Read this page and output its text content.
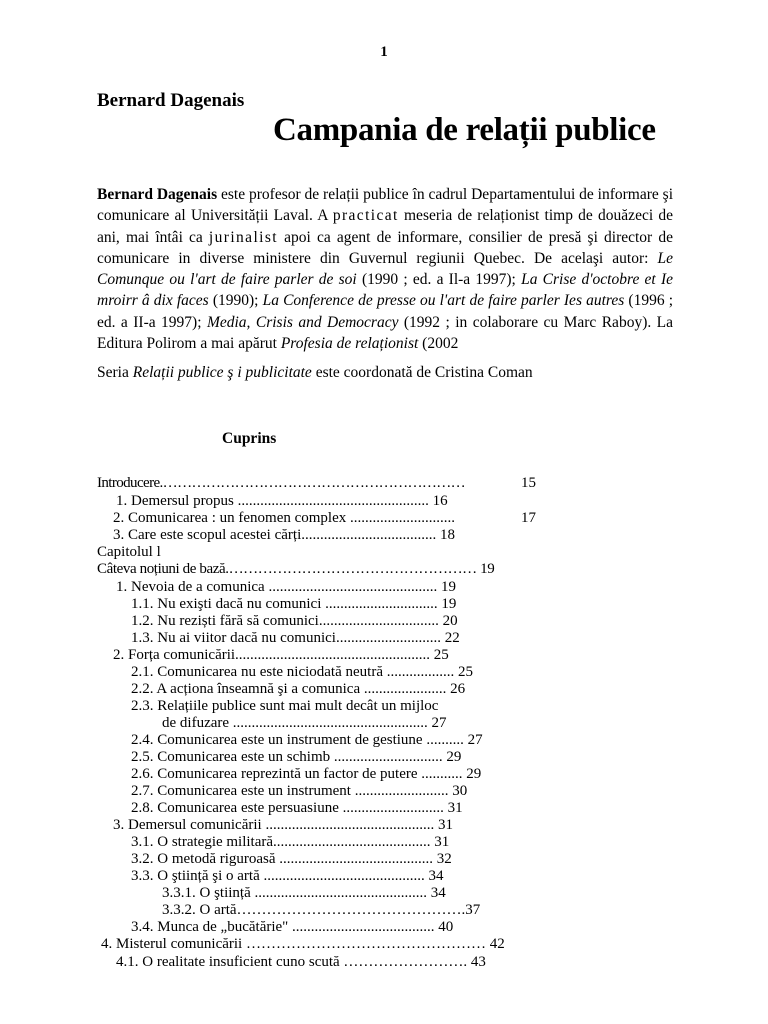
1
Bernard Dagenais
Campania de relații publice
Bernard Dagenais este profesor de relații publice în cadrul Departamentului de informare şi comunicare al Universității Laval. A practicat meseria de relaționist timp de douăzeci de ani, mai întâi ca jurinalist apoi ca agent de informare, consilier de presă şi director de comunicare in diverse ministere din Guvernul regiunii Quebec. De acelaşi autor: Le Comunque ou l'art de faire parler de soi (1990 ; ed. a Il-a 1997); La Crise d'octobre et Ie mroirr â dix faces (1990); La Conference de presse ou l'art de faire parler Ies autres (1996 ; ed. a II-a 1997); Media, Crisis and Democracy (1992 ; in colaborare cu Marc Raboy). La Editura Polirom a mai apărut Profesia de relaționist (2002
Seria Relații publice ş i publicitate este coordonată de Cristina Coman
Cuprins
Introducere.………………………………………………………	15
1. Demersul propus ................................................... 16
2. Comunicarea : un fenomen complex ............................	17
3. Care este scopul acestei cărți.................................... 18
Capitolul l
Câteva noțiuni de bază.…………………………………………… 19
1. Nevoia de a comunica ............................................. 19
1.1. Nu exişti dacă nu comunici .............................. 19
1.2. Nu reziști fără să comunici................................ 20
1.3. Nu ai viitor dacă nu comunici............................ 22
2. Forța comunicării.................................................... 25
2.1. Comunicarea nu este niciodată neutră .................. 25
2.2. A acționa înseamnă şi a comunica ...................... 26
2.3. Relațiile publice sunt mai mult decât un mijloc
de difuzare .................................................... 27
2.4. Comunicarea este un instrument de gestiune .......... 27
2.5. Comunicarea este un schimb ............................. 29
2.6. Comunicarea reprezintă un factor de putere ........... 29
2.7. Comunicarea este un instrument ......................... 30
2.8. Comunicarea este persuasiune ........................... 31
3. Demersul comunicării ............................................. 31
3.1. O strategie militară.......................................... 31
3.2. O metodă riguroasă ......................................... 32
3.3. O ştiință şi o artă ........................................... 34
3.3.1. O ştiință .............................................. 34
3.3.2. O artă……………………………………….37
3.4. Munca de „bucătărie" ...................................... 40
4. Misterul comunicării ………………………………………… 42
4.1. O realitate insuficient cuno scută ……………………. 43
